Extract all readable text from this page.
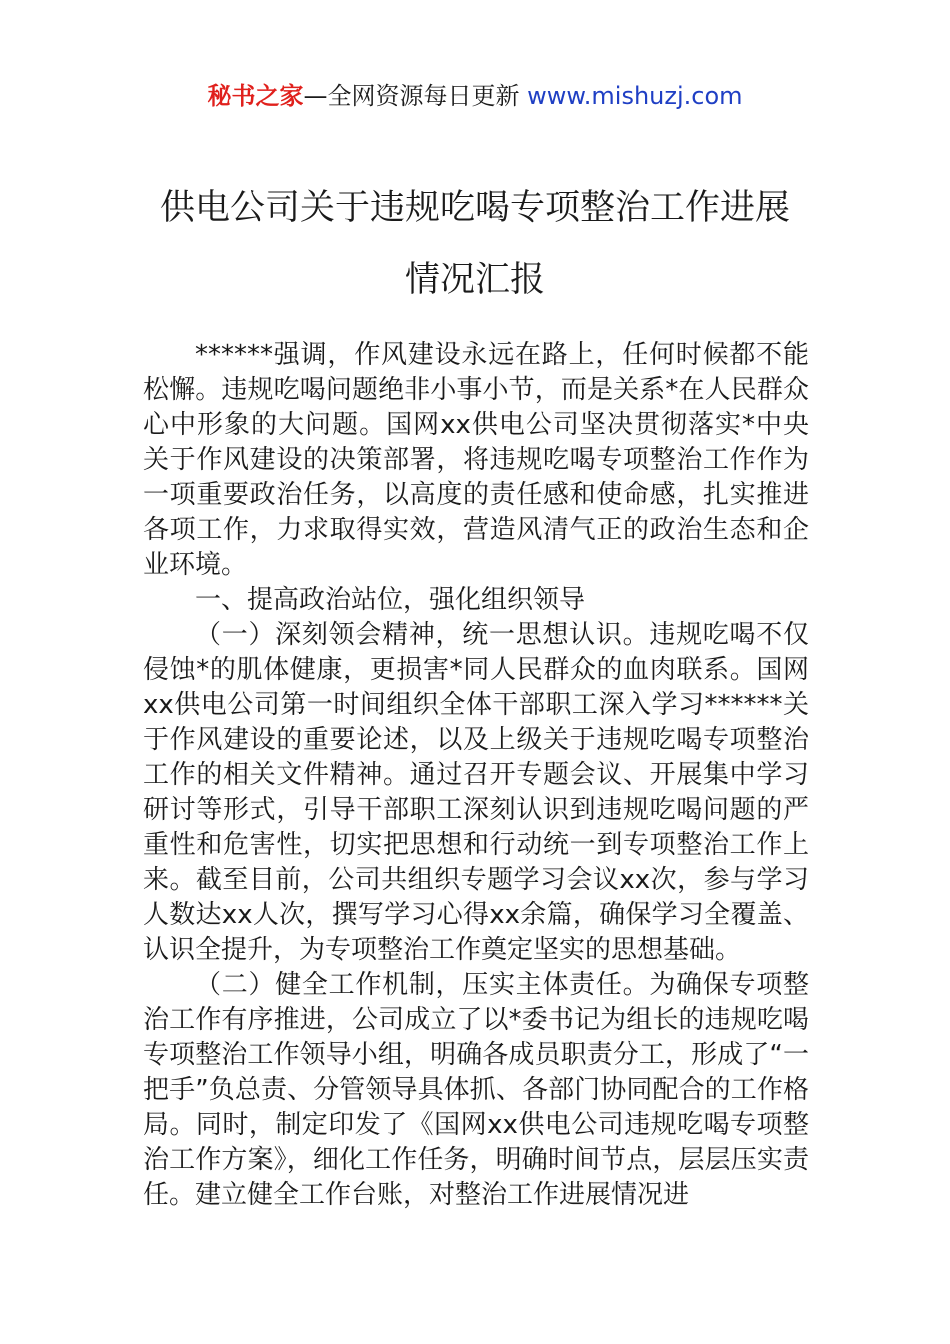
秘书之家—全网资源每日更新 www.mishuzj.com
供电公司关于违规吃喝专项整治工作进展
情况汇报

******强调，作风建设永远在路上，任何时候都不能松懈。违规吃喝问题绝非小事小节，而是关系*在人民群众心中形象的大问题。国网xx供电公司坚决贯彻落实*中央关于作风建设的决策部署，将违规吃喝专项整治工作作为一项重要政治任务，以高度的责任感和使命感，扎实推进各项工作，力求取得实效，营造风清气正的政治生态和企业环境。

一、提高政治站位，强化组织领导

（一）深刻领会精神，统一思想认识。违规吃喝不仅侵蚀*的肌体健康，更损害*同人民群众的血肉联系。国网xx供电公司第一时间组织全体干部职工深入学习******关于作风建设的重要论述，以及上级关于违规吃喝专项整治工作的相关文件精神。通过召开专题会议、开展集中学习研讨等形式，引导干部职工深刻认识到违规吃喝问题的严重性和危害性，切实把思想和行动统一到专项整治工作上来。截至目前，公司共组织专题学习会议xx次，参与学习人数达xx人次，撰写学习心得xx余篇，确保学习全覆盖、认识全提升，为专项整治工作奠定坚实的思想基础。

（二）健全工作机制，压实主体责任。为确保专项整治工作有序推进，公司成立了以*委书记为组长的违规吃喝专项整治工作领导小组，明确各成员职责分工，形成了“一把手”负总责、分管领导具体抓、各部门协同配合的工作格局。同时，制定印发了《国网xx供电公司违规吃喝专项整治工作方案》，细化工作任务，明确时间节点，层层压实责任。建立健全工作台账，对整治工作进展情况进
